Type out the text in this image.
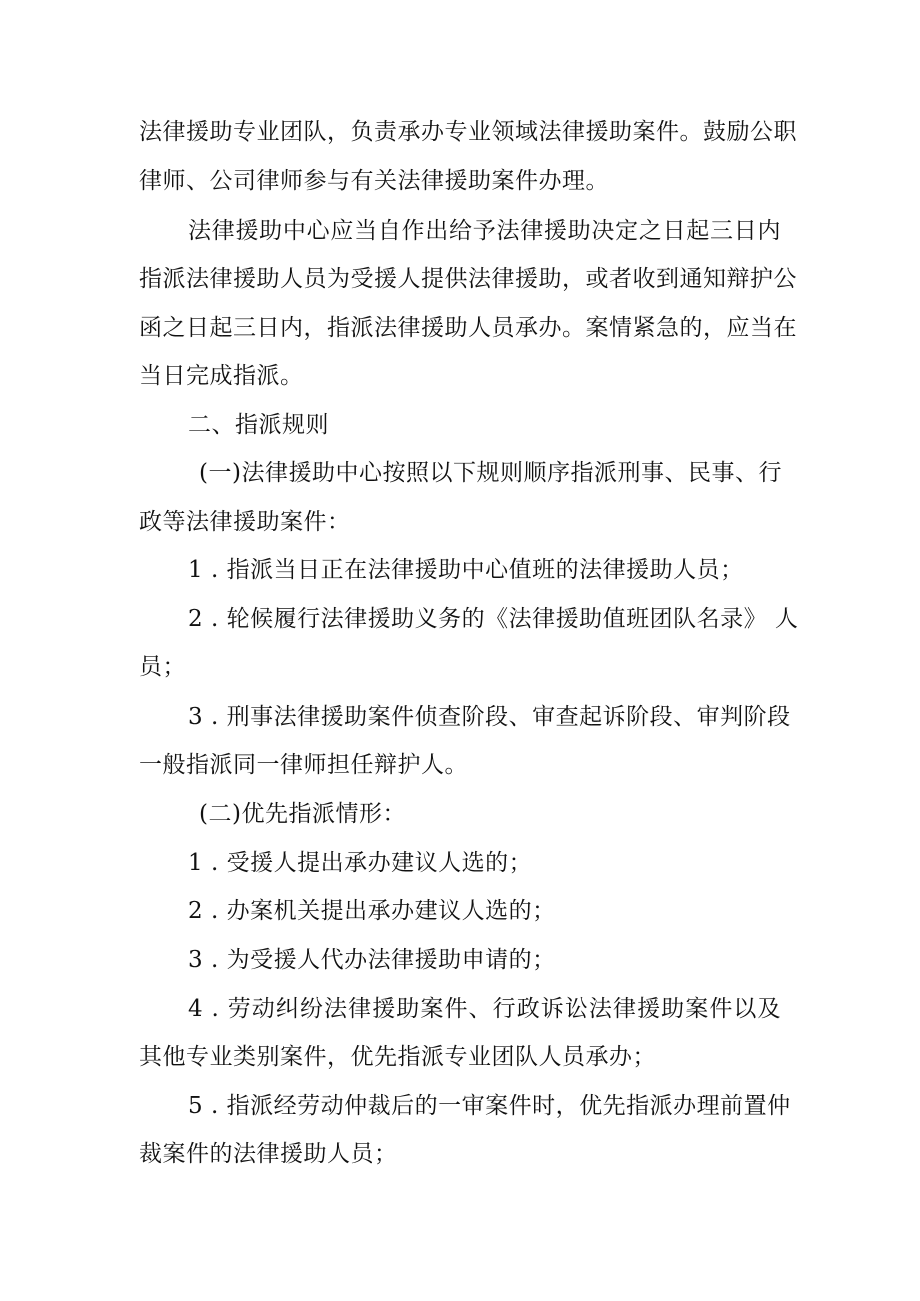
法律援助专业团队，负责承办专业领域法律援助案件。鼓励公职
律师、公司律师参与有关法律援助案件办理。
法律援助中心应当自作出给予法律援助决定之日起三日内
指派法律援助人员为受援人提供法律援助，或者收到通知辩护公
函之日起三日内，指派法律援助人员承办。案情紧急的，应当在
当日完成指派。
二、指派规则
(一)法律援助中心按照以下规则顺序指派刑事、民事、行
政等法律援助案件：
1 . 指派当日正在法律援助中心值班的法律援助人员；
2 . 轮候履行法律援助义务的《法律援助值班团队名录》 人
员；
3 . 刑事法律援助案件侦查阶段、审查起诉阶段、审判阶段
一般指派同一律师担任辩护人。
(二)优先指派情形：
1 . 受援人提出承办建议人选的；
2 . 办案机关提出承办建议人选的；
3 . 为受援人代办法律援助申请的；
4 . 劳动纠纷法律援助案件、行政诉讼法律援助案件以及
其他专业类别案件，优先指派专业团队人员承办；
5 . 指派经劳动仲裁后的一审案件时，优先指派办理前置仲
裁案件的法律援助人员；
